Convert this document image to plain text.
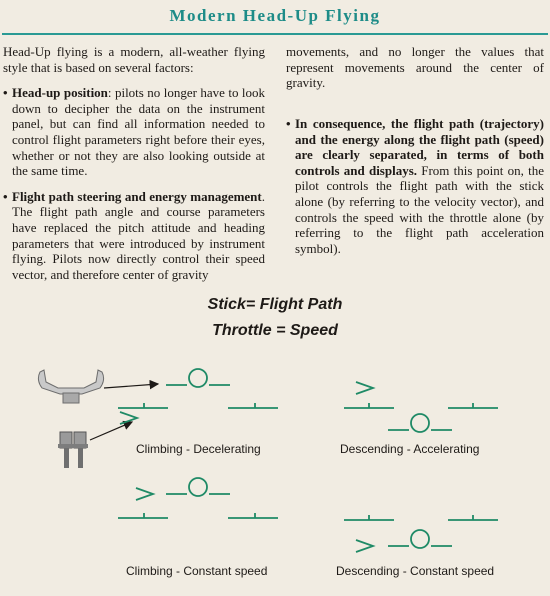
Modern Head-Up Flying

Head-Up flying is a modern, all-weather flying style that is based on several factors:

• Head-up position: pilots no longer have to look down to decipher the data on the instrument panel, but can find all information needed to control flight parameters right before their eyes, whether or not they are also looking outside at the same time.
• Flight path steering and energy management. The flight path angle and course parameters have replaced the pitch attitude and heading parameters that were introduced by instrument flying. Pilots now directly control their speed vector, and therefore center of gravity
movements, and no longer the values that represent movements around the center of gravity.
• In consequence, the flight path (trajectory) and the energy along the flight path (speed) are clearly separated, in terms of both controls and displays. From this point on, the pilot controls the flight path with the stick alone (by referring to the velocity vector), and controls the speed with the throttle alone (by referring to the flight path acceleration symbol).
Stick= Flight Path
Throttle = Speed
Climbing - Decelerating	Descending - Accelerating
Climbing - Constant speed	Descending - Constant speed
